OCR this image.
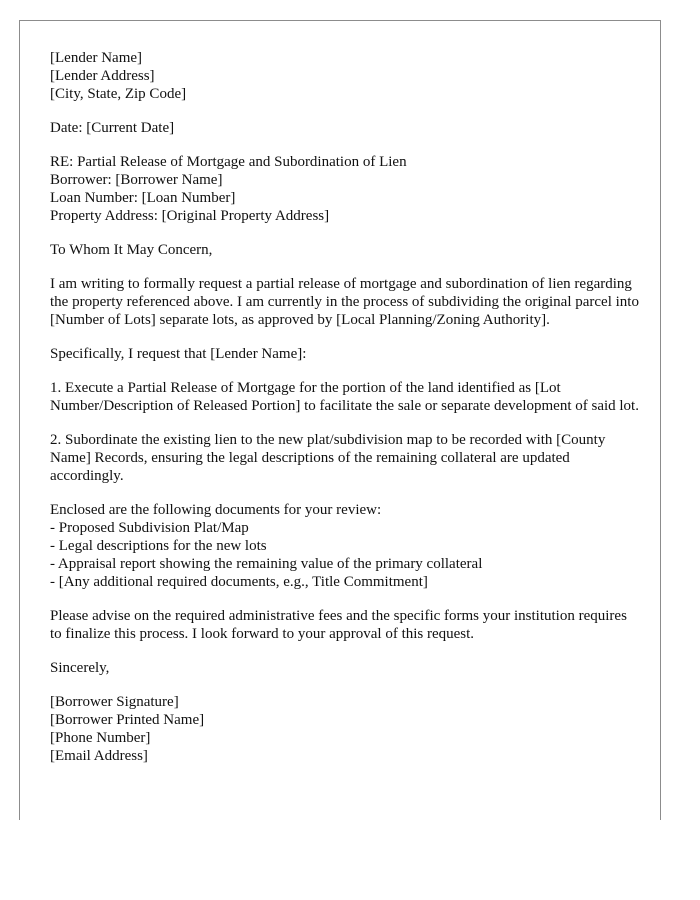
[Lender Name]
[Lender Address]
[City, State, Zip Code]
Date: [Current Date]
RE: Partial Release of Mortgage and Subordination of Lien
Borrower: [Borrower Name]
Loan Number: [Loan Number]
Property Address: [Original Property Address]

To Whom It May Concern,

I am writing to formally request a partial release of mortgage and subordination of lien regarding the property referenced above. I am currently in the process of subdividing the original parcel into [Number of Lots] separate lots, as approved by [Local Planning/Zoning Authority].

Specifically, I request that [Lender Name]:

1. Execute a Partial Release of Mortgage for the portion of the land identified as [Lot Number/Description of Released Portion] to facilitate the sale or separate development of said lot.

2. Subordinate the existing lien to the new plat/subdivision map to be recorded with [County Name] Records, ensuring the legal descriptions of the remaining collateral are updated accordingly.

Enclosed are the following documents for your review:
- Proposed Subdivision Plat/Map
- Legal descriptions for the new lots
- Appraisal report showing the remaining value of the primary collateral
- [Any additional required documents, e.g., Title Commitment]

Please advise on the required administrative fees and the specific forms your institution requires to finalize this process. I look forward to your approval of this request.

Sincerely,

[Borrower Signature]
[Borrower Printed Name]
[Phone Number]
[Email Address]
